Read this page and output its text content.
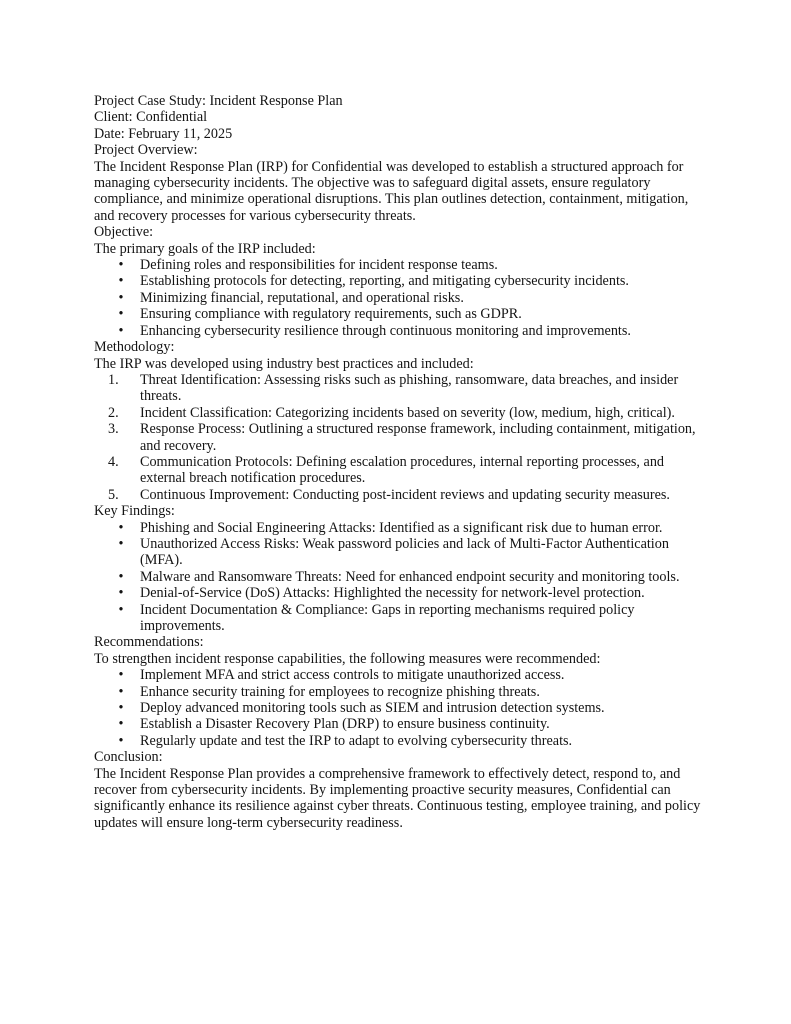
Project Case Study: Incident Response Plan

Client: Confidential

Date: February 11, 2025

Project Overview:

The Incident Response Plan (IRP) for Confidential was developed to establish a structured approach for managing cybersecurity incidents. The objective was to safeguard digital assets, ensure regulatory compliance, and minimize operational disruptions. This plan outlines detection, containment, mitigation, and recovery processes for various cybersecurity threats.

Objective:

The primary goals of the IRP included:

•	Defining roles and responsibilities for incident response teams.
•	Establishing protocols for detecting, reporting, and mitigating cybersecurity incidents.
•	Minimizing financial, reputational, and operational risks.
•	Ensuring compliance with regulatory requirements, such as GDPR.
•	Enhancing cybersecurity resilience through continuous monitoring and improvements.

Methodology:

The IRP was developed using industry best practices and included:

1.	Threat Identification: Assessing risks such as phishing, ransomware, data breaches, and insider threats.
2.	Incident Classification: Categorizing incidents based on severity (low, medium, high, critical).
3.	Response Process: Outlining a structured response framework, including containment, mitigation, and recovery.
4.	Communication Protocols: Defining escalation procedures, internal reporting processes, and external breach notification procedures.
5.	Continuous Improvement: Conducting post-incident reviews and updating security measures.

Key Findings:

•	Phishing and Social Engineering Attacks: Identified as a significant risk due to human error.
•	Unauthorized Access Risks: Weak password policies and lack of Multi-Factor Authentication (MFA).
•	Malware and Ransomware Threats: Need for enhanced endpoint security and monitoring tools.
•	Denial-of-Service (DoS) Attacks: Highlighted the necessity for network-level protection.
•	Incident Documentation & Compliance: Gaps in reporting mechanisms required policy improvements.

Recommendations:

To strengthen incident response capabilities, the following measures were recommended:

•	Implement MFA and strict access controls to mitigate unauthorized access.
•	Enhance security training for employees to recognize phishing threats.
•	Deploy advanced monitoring tools such as SIEM and intrusion detection systems.
•	Establish a Disaster Recovery Plan (DRP) to ensure business continuity.
•	Regularly update and test the IRP to adapt to evolving cybersecurity threats.

Conclusion:

The Incident Response Plan provides a comprehensive framework to effectively detect, respond to, and recover from cybersecurity incidents. By implementing proactive security measures, Confidential can significantly enhance its resilience against cyber threats. Continuous testing, employee training, and policy updates will ensure long-term cybersecurity readiness.
